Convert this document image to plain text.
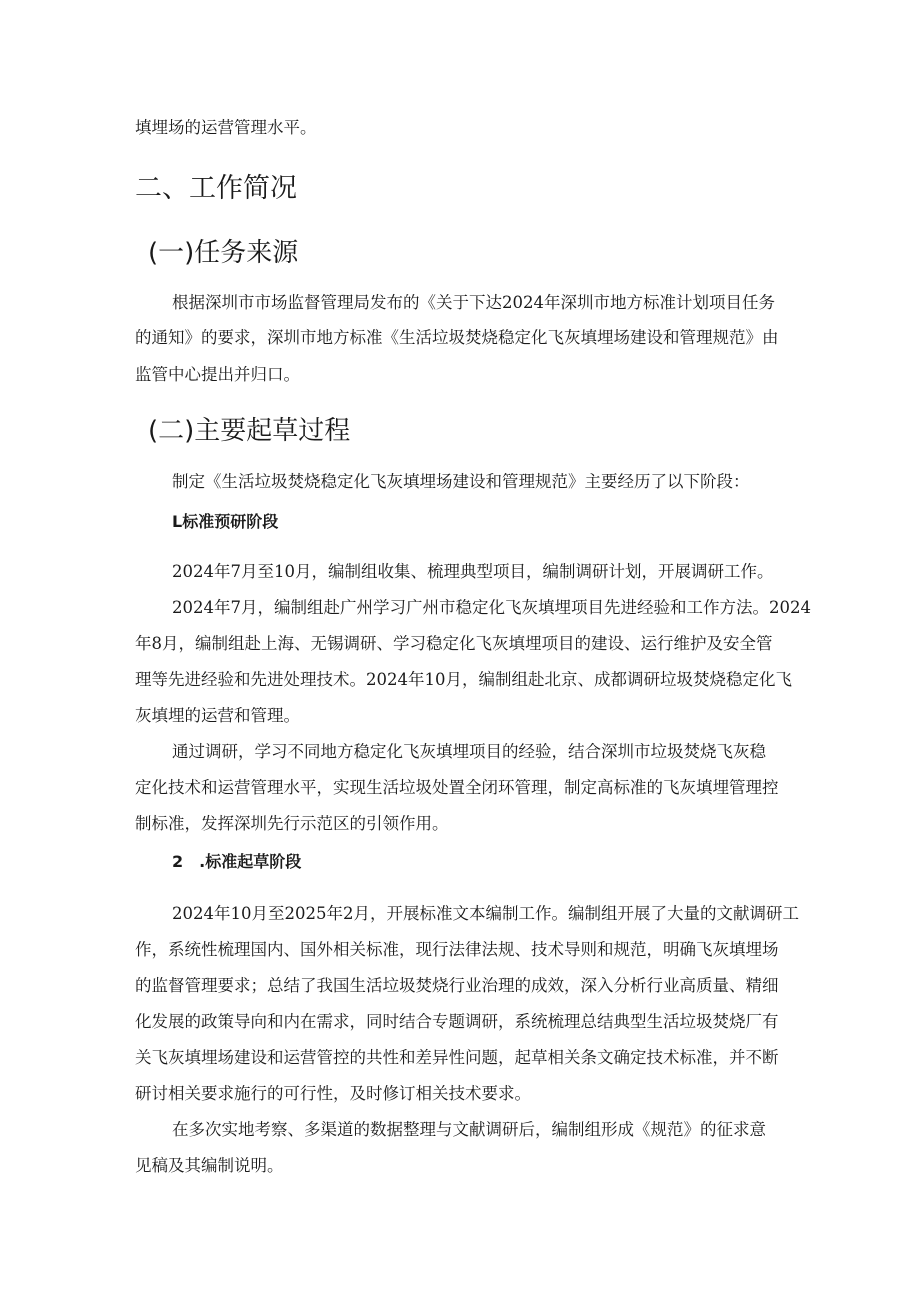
填埋场的运营管理水平。

二、工作简况
(一)任务来源

根据深圳市市场监督管理局发布的《关于下达2024年深圳市地方标准计划项目任务

的通知》的要求，深圳市地方标准《生活垃圾焚烧稳定化飞灰填埋场建设和管理规范》由

监管中心提出并归口。

(二)主要起草过程

制定《生活垃圾焚烧稳定化飞灰填埋场建设和管理规范》主要经历了以下阶段：

L标准预研阶段

2024年7月至10月，编制组收集、梳理典型项目，编制调研计划，开展调研工作。

2024年7月，编制组赴广州学习广州市稳定化飞灰填埋项目先进经验和工作方法。2024

年8月，编制组赴上海、无锡调研、学习稳定化飞灰填埋项目的建设、运行维护及安全管

理等先进经验和先进处理技术。2024年10月，编制组赴北京、成都调研垃圾焚烧稳定化飞

灰填埋的运营和管理。

通过调研，学习不同地方稳定化飞灰填埋项目的经验，结合深圳市垃圾焚烧飞灰稳

定化技术和运营管理水平，实现生活垃圾处置全闭环管理，制定高标准的飞灰填埋管理控

制标准，发挥深圳先行示范区的引领作用。

2　.标准起草阶段

2024年10月至2025年2月，开展标准文本编制工作。编制组开展了大量的文献调研工

作，系统性梳理国内、国外相关标准，现行法律法规、技术导则和规范，明确飞灰填埋场

的监督管理要求；总结了我国生活垃圾焚烧行业治理的成效，深入分析行业高质量、精细

化发展的政策导向和内在需求，同时结合专题调研，系统梳理总结典型生活垃圾焚烧厂有

关飞灰填埋场建设和运营管控的共性和差异性问题，起草相关条文确定技术标准，并不断

研讨相关要求施行的可行性，及时修订相关技术要求。

在多次实地考察、多渠道的数据整理与文献调研后，编制组形成《规范》的征求意

见稿及其编制说明。
